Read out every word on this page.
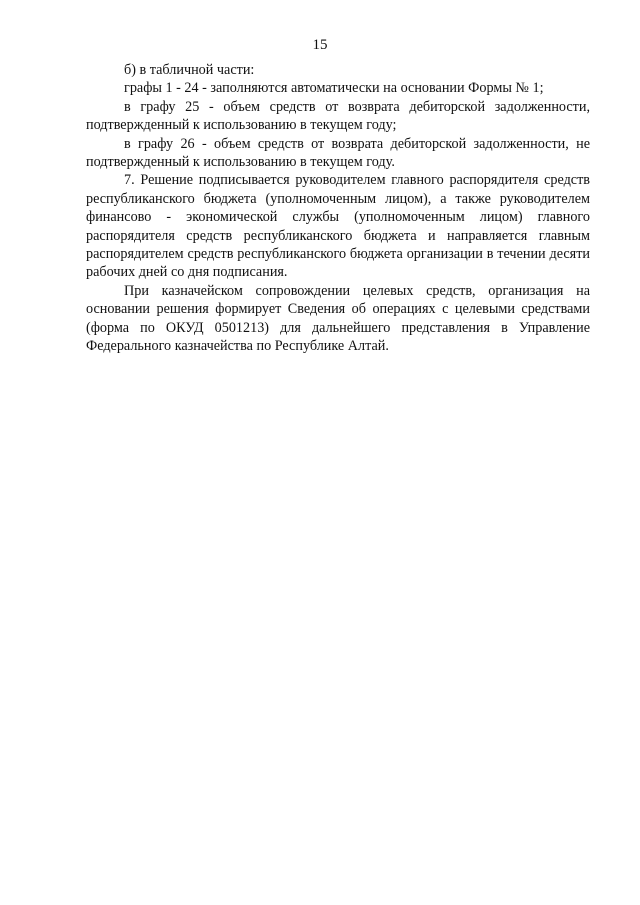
15

б) в табличной части:

графы 1 - 24 - заполняются автоматически на основании Формы № 1;

в графу 25 - объем средств от возврата дебиторской задолженности, подтвержденный к использованию в текущем году;

в графу 26 - объем средств от возврата дебиторской задолженности, не подтвержденный к использованию в текущем году.

7. Решение подписывается руководителем главного распорядителя средств республиканского бюджета (уполномоченным лицом), а также руководителем финансово - экономической службы (уполномоченным лицом) главного распорядителя средств республиканского бюджета и направляется главным распорядителем средств республиканского бюджета организации в течении десяти рабочих дней со дня подписания.

При казначейском сопровождении целевых средств, организация на основании решения формирует Сведения об операциях с целевыми средствами (форма по ОКУД 0501213) для дальнейшего представления в Управление Федерального казначейства по Республике Алтай.
